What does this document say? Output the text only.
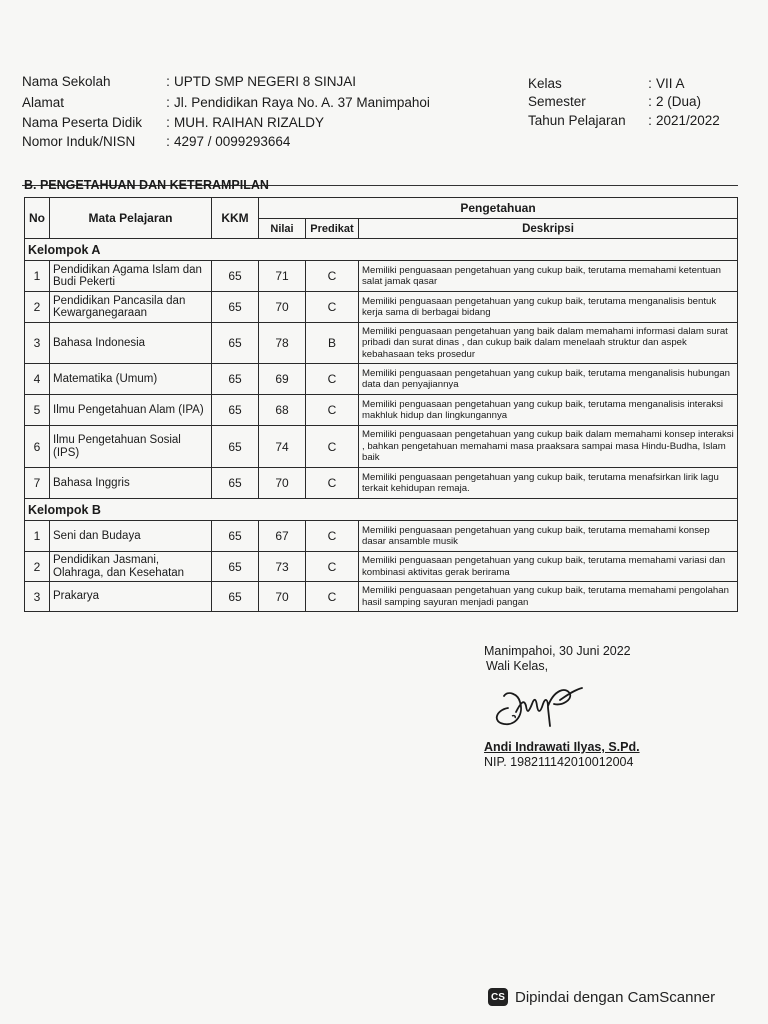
Nama Sekolah	: UPTD SMP NEGERI 8 SINJAI
Alamat	: Jl. Pendidikan Raya No. A. 37 Manimpahoi
Nama Peserta Didik : MUH. RAIHAN RIZALDY
Nomor Induk/NISN : 4297 / 0099293664
Kelas	: VII A
Semester	: 2 (Dua)
Tahun Pelajaran : 2021/2022
B. PENGETAHUAN DAN KETERAMPILAN
No	Mata Pelajaran	KKM	Pengetahuan		
			Nilai	Predikat	Deskripsi
Kelompok A					
1	Pendidikan Agama Islam dan Budi Pekerti	65	71	C	Memiliki penguasaan pengetahuan yang cukup baik, terutama memahami ketentuan salat jamak qasar
2	Pendidikan Pancasila dan Kewarganegaraan	65	70	C	Memiliki penguasaan pengetahuan yang cukup baik, terutama menganalisis bentuk kerja sama di berbagai bidang
3	Bahasa Indonesia	65	78	B	Memiliki penguasaan pengetahuan yang baik dalam memahami informasi dalam surat pribadi dan surat dinas , dan cukup baik dalam menelaah struktur dan aspek kebahasaan teks prosedur
4	Matematika (Umum)	65	69	C	Memiliki penguasaan pengetahuan yang cukup baik, terutama menganalisis hubungan data dan penyajiannya
5	Ilmu Pengetahuan Alam (IPA)	65	68	C	Memiliki penguasaan pengetahuan yang cukup baik, terutama menganalisis interaksi makhluk hidup dan lingkungannya
6	Ilmu Pengetahuan Sosial (IPS)	65	74	C	Memiliki penguasaan pengetahuan yang cukup baik dalam memahami konsep interaksi , bahkan pengetahuan memahami masa praaksara sampai masa Hindu-Budha, Islam baik
7	Bahasa Inggris	65	70	C	Memiliki penguasaan pengetahuan yang cukup baik, terutama menafsirkan lirik lagu terkait kehidupan remaja.
Kelompok B					
1	Seni dan Budaya	65	67	C	Memiliki penguasaan pengetahuan yang cukup baik, terutama memahami konsep dasar ansamble musik
2	Pendidikan Jasmani, Olahraga, dan Kesehatan	65	73	C	Memiliki penguasaan pengetahuan yang cukup baik, terutama memahami variasi dan kombinasi aktivitas gerak berirama
3	Prakarya	65	70	C	Memiliki penguasaan pengetahuan yang cukup baik, terutama memahami pengolahan hasil samping sayuran menjadi pangan
Manimpahoi, 30 Juni 2022
Wali Kelas,
Andi Indrawati Ilyas, S.Pd.
NIP. 198211142010012004
CS Dipindai dengan CamScanner
